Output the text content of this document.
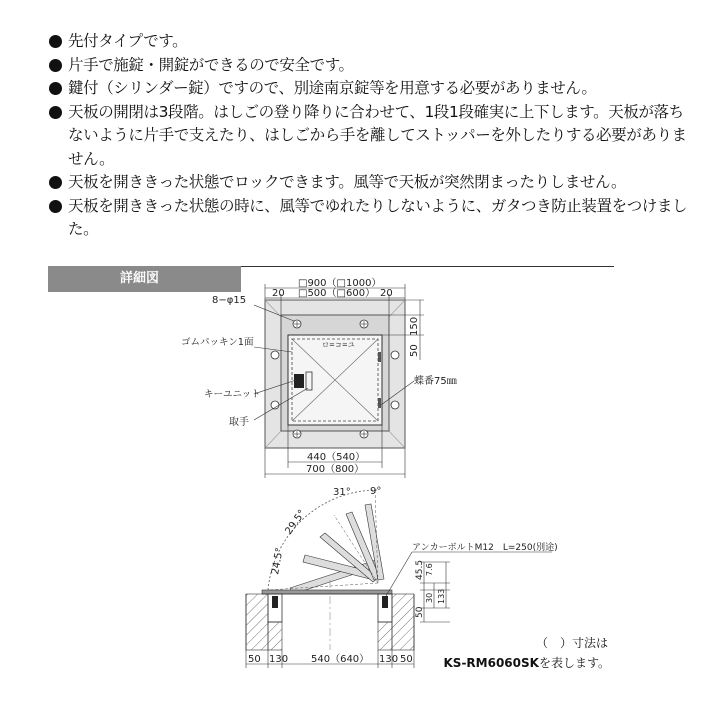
先付タイプです。
片手で施錠・開錠ができるので安全です。
鍵付（シリンダー錠）ですので、別途南京錠等を用意する必要がありません。
天板の開閉は3段階。はしごの登り降りに合わせて、1段1段確実に上下します。天板が落ちないように片手で支えたり、はしごから手を離してストッパーを外したりする必要がありません。
天板を開ききった状態でロックできます。風等で天板が突然閉まったりしません。
天板を開ききった状態の時に、風等でゆれたりしないように、ガタつき防止装置をつけました。
詳細図
ロ=コ=ユ
□900（□1000）
20 □500（□600） 20
150
50
440（540）
700（800）
8−φ15
ゴムパッキン1面
キーユニット
取手
蝶番75㎜
31° 9°
29.5°
24.5°	アンカーボルトM12　L=250(別途)
45.5 7.6
30 133
50
50 130 540（640） 130 50
（　）寸法は
KS-RM6060SKを表します。
